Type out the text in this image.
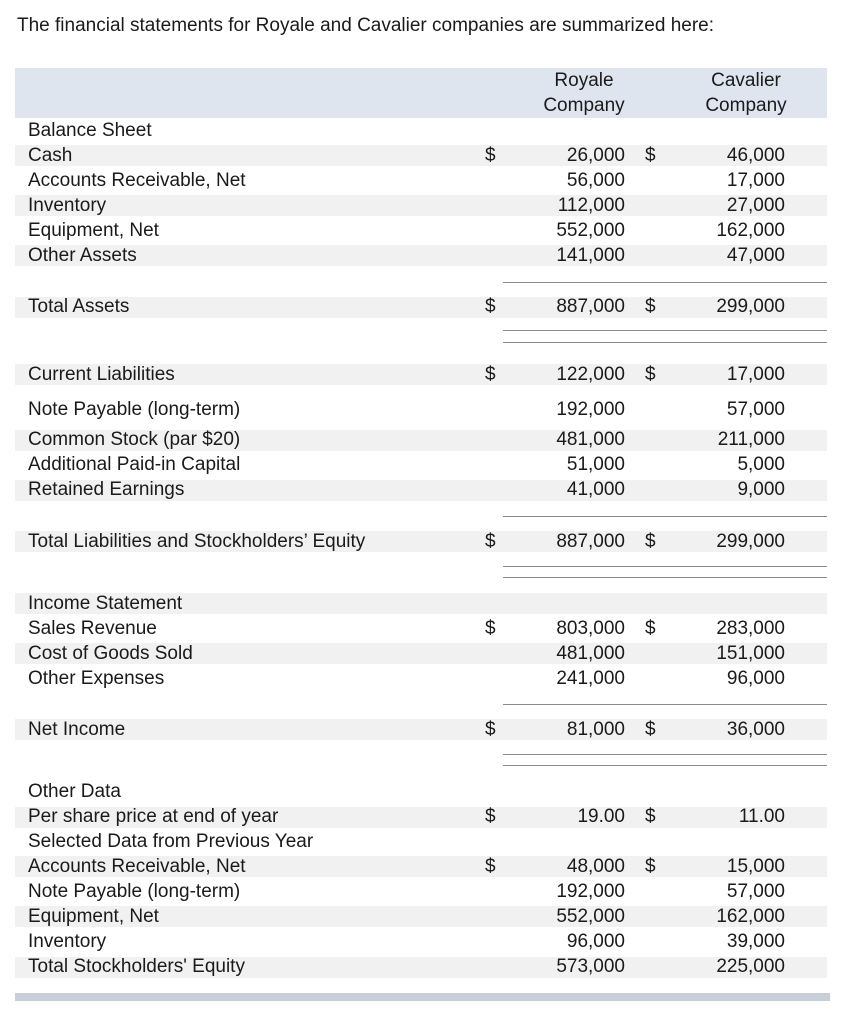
The financial statements for Royale and Cavalier companies are summarized here:
Royale
Company
Cavalier
Company
Balance Sheet
Cash	$	26,000 $	46,000
Accounts Receivable, Net	56,000	17,000
Inventory	112,000	27,000
Equipment, Net	552,000	162,000
Other Assets	141,000	47,000
Total Assets	$	887,000 $	299,000
Current Liabilities	$	122,000 $	17,000
Note Payable (long-term)	192,000	57,000
Common Stock (par $20)	481,000	211,000
Additional Paid-in Capital	51,000	5,000
Retained Earnings	41,000	9,000
Total Liabilities and Stockholders’ Equity	$	887,000 $	299,000
Income Statement
Sales Revenue	$	803,000 $	283,000
Cost of Goods Sold	481,000	151,000
Other Expenses	241,000	96,000
Net Income	$	81,000 $	36,000
Other Data
Per share price at end of year	$	19.00 $	11.00
Selected Data from Previous Year
Accounts Receivable, Net	$	48,000 $	15,000
Note Payable (long-term)	192,000	57,000
Equipment, Net	552,000	162,000
Inventory	96,000	39,000
Total Stockholders' Equity	573,000	225,000
